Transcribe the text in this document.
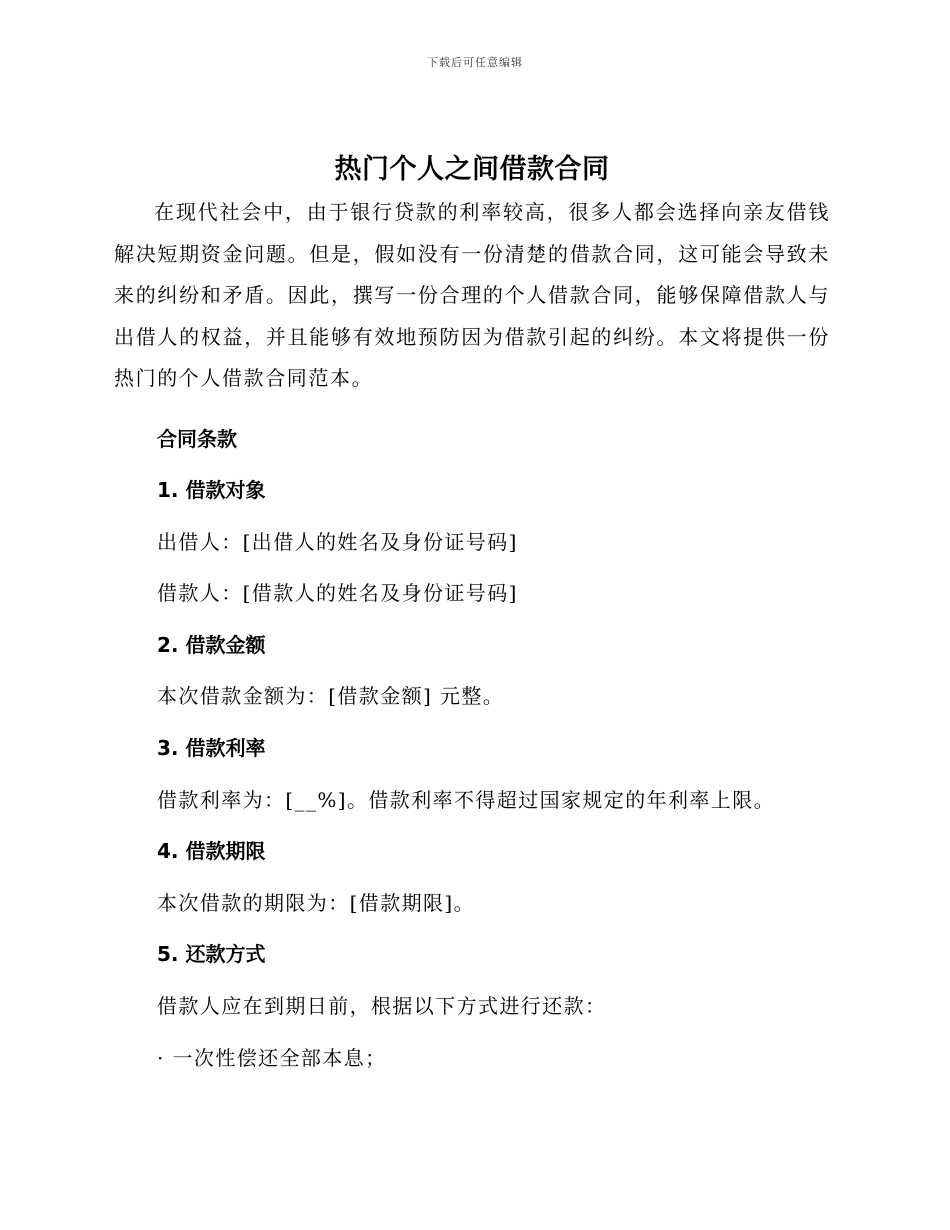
下载后可任意编辑
热门个人之间借款合同

在现代社会中，由于银行贷款的利率较高，很多人都会选择向亲友借钱解决短期资金问题。但是，假如没有一份清楚的借款合同，这可能会导致未来的纠纷和矛盾。因此，撰写一份合理的个人借款合同，能够保障借款人与出借人的权益，并且能够有效地预防因为借款引起的纠纷。本文将提供一份热门的个人借款合同范本。

合同条款

1. 借款对象

出借人：[出借人的姓名及身份证号码]

借款人：[借款人的姓名及身份证号码]

2. 借款金额

本次借款金额为：[借款金额] 元整。

3. 借款利率

借款利率为：[__%]。借款利率不得超过国家规定的年利率上限。

4. 借款期限

本次借款的期限为：[借款期限]。

5. 还款方式

借款人应在到期日前，根据以下方式进行还款：

· 一次性偿还全部本息；
